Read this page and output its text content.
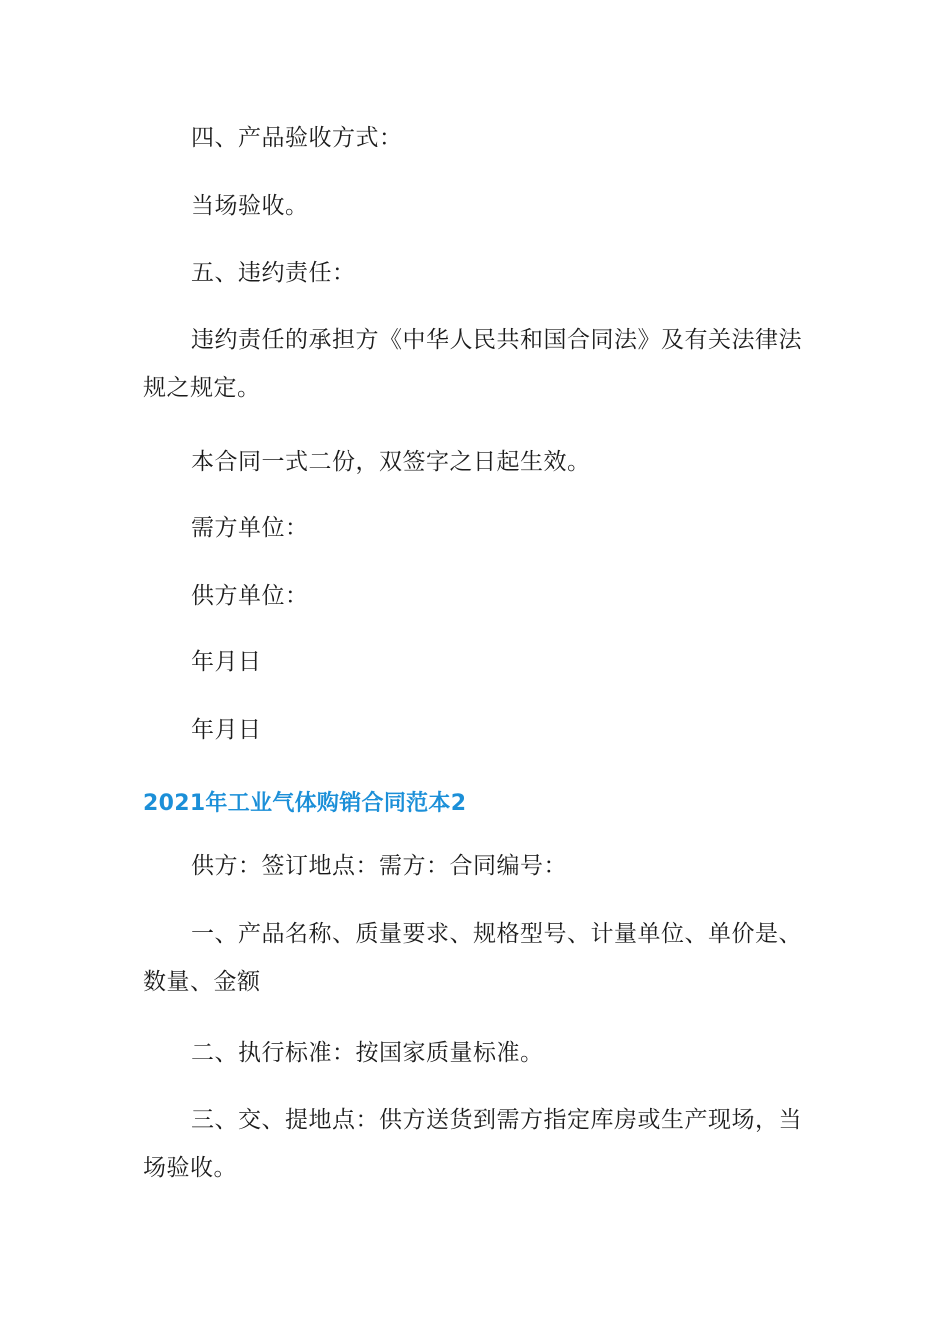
四、产品验收方式：

当场验收。

五、违约责任：

违约责任的承担方《中华人民共和国合同法》及有关法律法规之规定。

本合同一式二份，双签字之日起生效。

需方单位：

供方单位：

年月日

年月日

2021年工业气体购销合同范本2

供方：签订地点：需方：合同编号：

一、产品名称、质量要求、规格型号、计量单位、单价是、数量、金额

二、执行标准：按国家质量标准。

三、交、提地点：供方送货到需方指定库房或生产现场，当场验收。
